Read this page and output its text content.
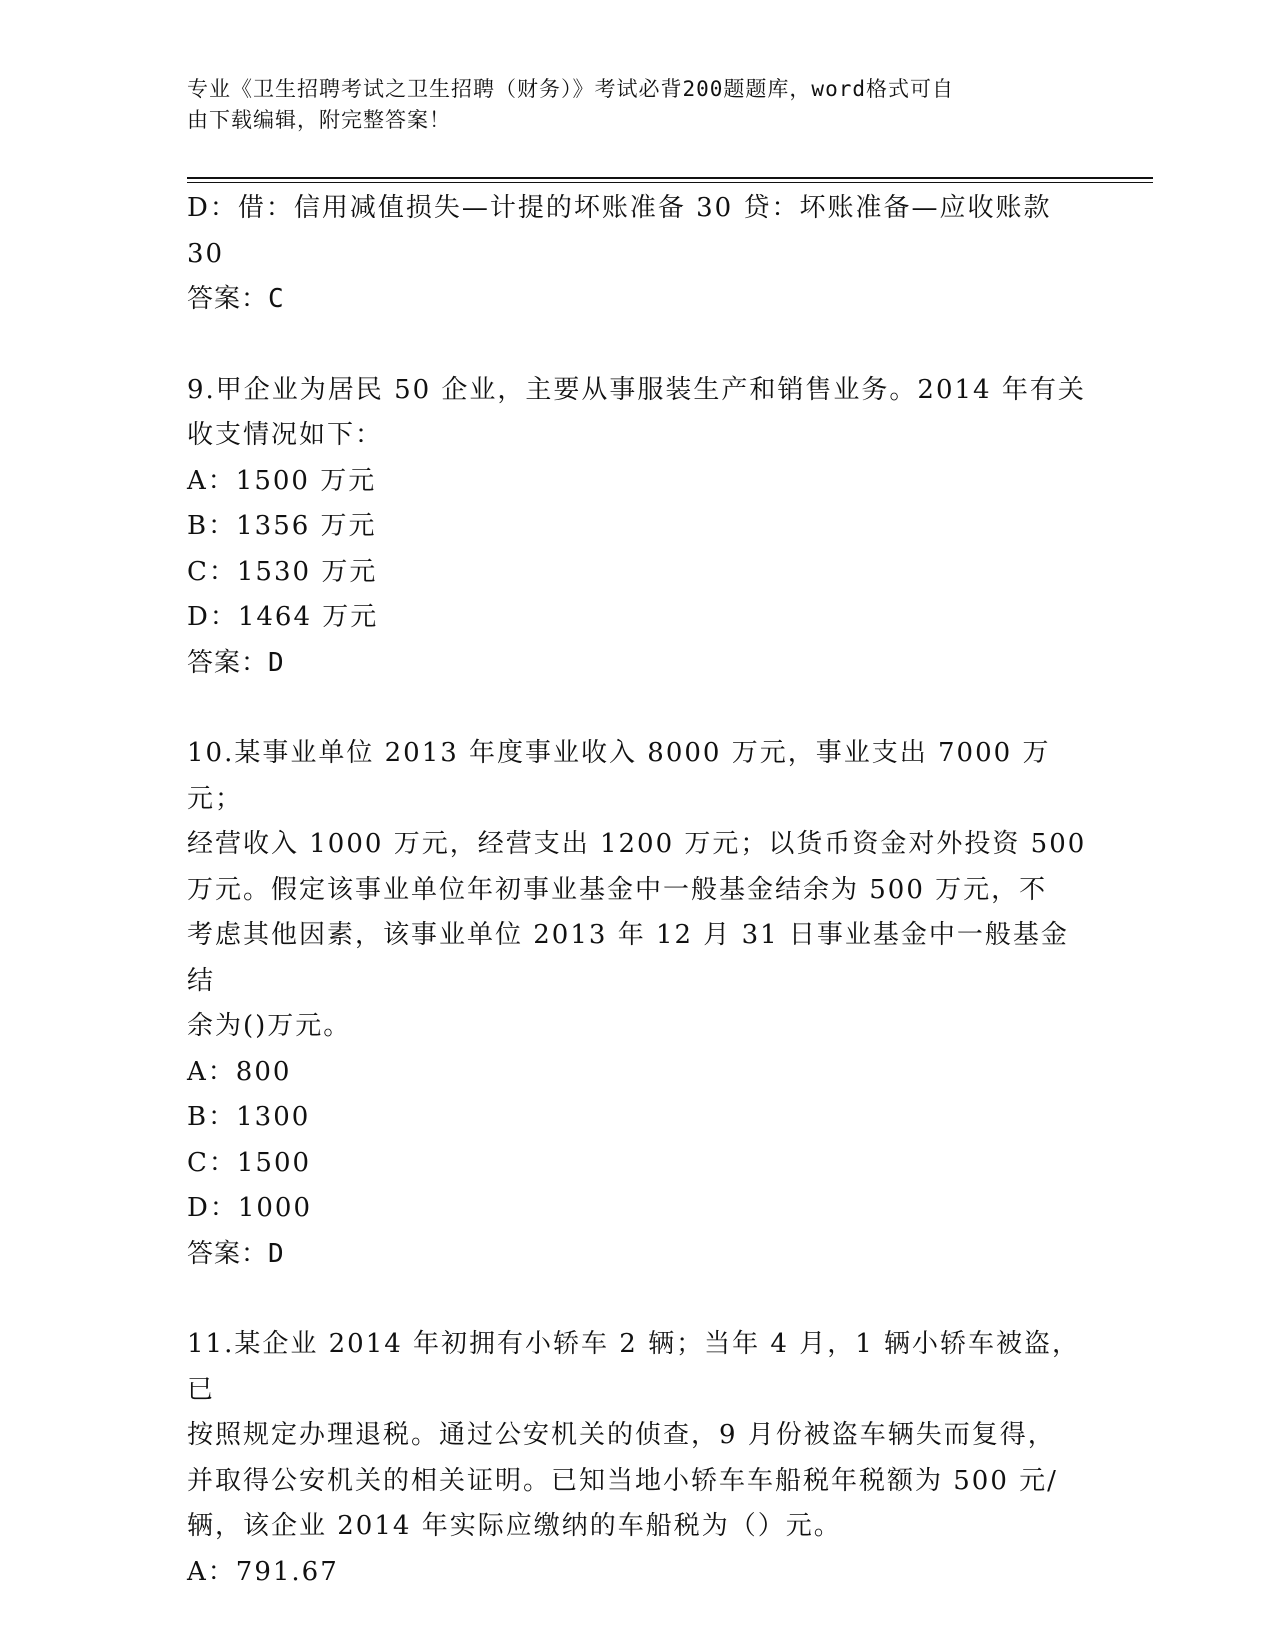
专业《卫生招聘考试之卫生招聘（财务）》考试必背200题题库，word格式可自
由下载编辑，附完整答案！

D：借：信用减值损失—计提的坏账准备 30 贷：坏账准备—应收账款

30

答案：C

9.甲企业为居民 50 企业，主要从事服装生产和销售业务。2014 年有关

收支情况如下：

A：1500 万元

B：1356 万元

C：1530 万元

D：1464 万元

答案：D

10.某事业单位 2013 年度事业收入 8000 万元，事业支出 7000 万元；

经营收入 1000 万元，经营支出 1200 万元；以货币资金对外投资 500

万元。假定该事业单位年初事业基金中一般基金结余为 500 万元，不

考虑其他因素，该事业单位 2013 年 12 月 31 日事业基金中一般基金结

余为()万元。

A：800

B：1300

C：1500

D：1000

答案：D

11.某企业 2014 年初拥有小轿车 2 辆；当年 4 月，1 辆小轿车被盗，已

按照规定办理退税。通过公安机关的侦查，9 月份被盗车辆失而复得，

并取得公安机关的相关证明。已知当地小轿车车船税年税额为 500 元/

辆，该企业 2014 年实际应缴纳的车船税为（）元。

A：791.67
